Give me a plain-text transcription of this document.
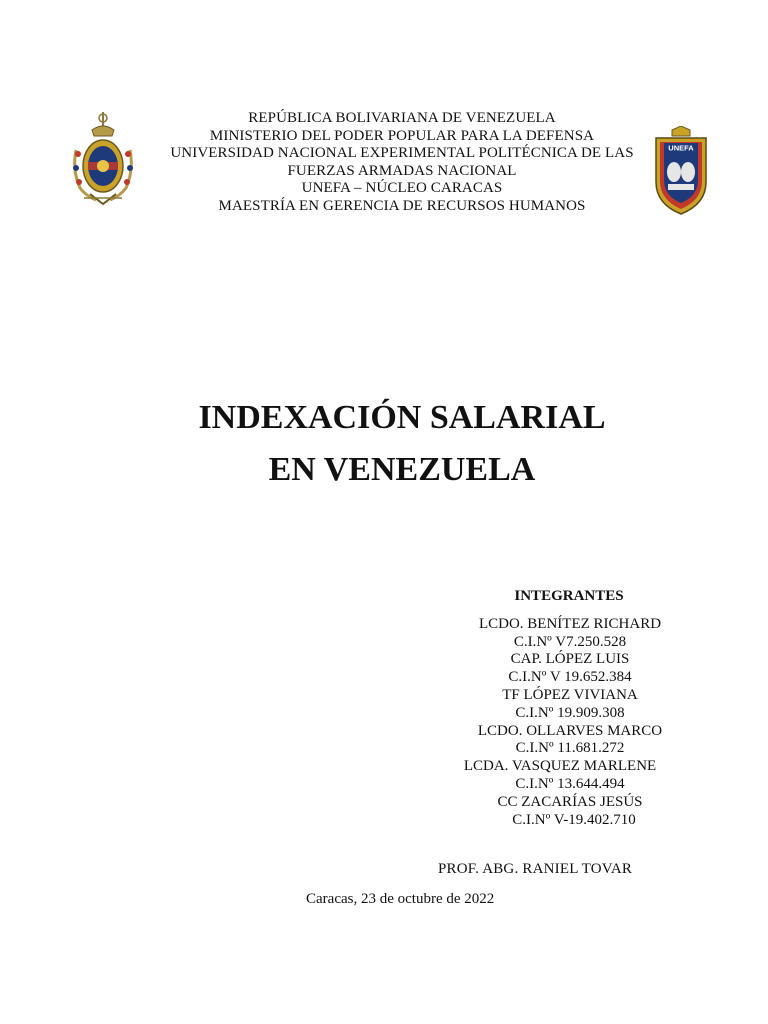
REPÚBLICA BOLIVARIANA DE VENEZUELA
MINISTERIO DEL PODER POPULAR PARA LA DEFENSA
UNIVERSIDAD NACIONAL EXPERIMENTAL POLITÉCNICA DE LAS
FUERZAS ARMADAS NACIONAL
UNEFA – NÚCLEO CARACAS
MAESTRÍA EN GERENCIA DE RECURSOS HUMANOS
UNEFA
INDEXACIÓN SALARIAL
EN VENEZUELA
INTEGRANTES
LCDO. BENÍTEZ RICHARD
C.I.Nº V7.250.528
CAP. LÓPEZ LUIS
C.I.Nº V 19.652.384
TF LÓPEZ VIVIANA
C.I.Nº 19.909.308
LCDO. OLLARVES MARCO
C.I.Nº 11.681.272
LCDA. VASQUEZ MARLENE
C.I.Nº 13.644.494
CC ZACARÍAS JESÚS
C.I.Nº V-19.402.710
PROF. ABG. RANIEL TOVAR
Caracas, 23 de octubre de 2022
